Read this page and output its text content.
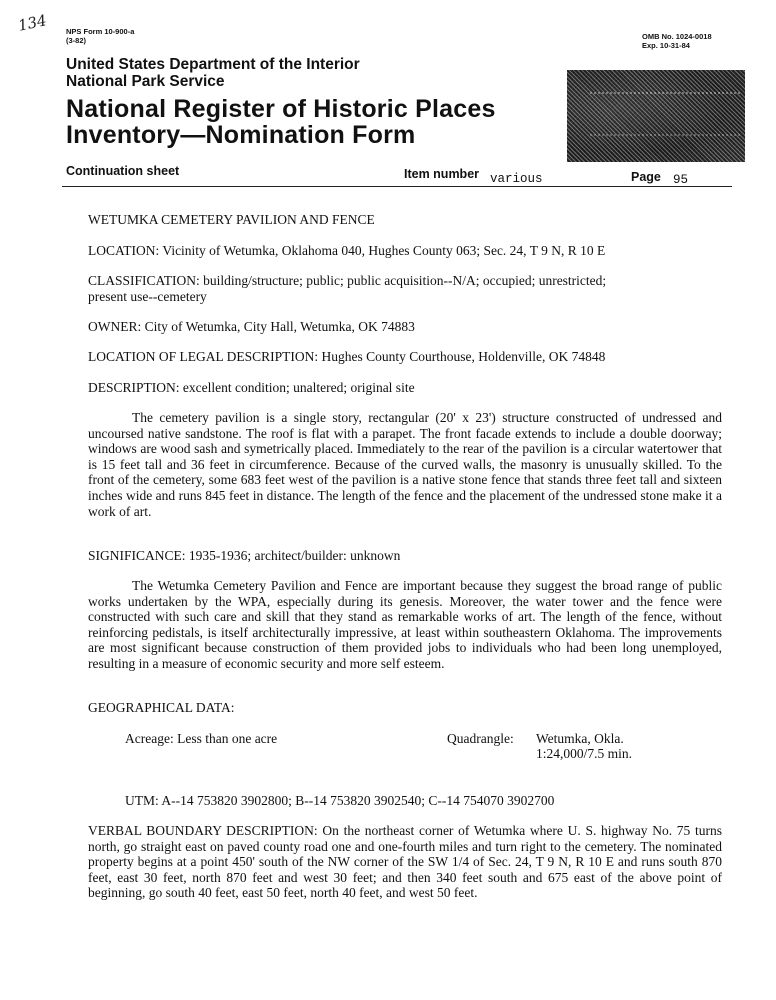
134 NPS Form 10-900-a
(3-82)	OMB No. 1024-0018
Exp. 10-31-84
United States Department of the Interior
National Park Service
National Register of Historic Places
Inventory—Nomination Form
Continuation sheet	Item number various	Page 95
WETUMKA CEMETERY PAVILION AND FENCE
LOCATION: Vicinity of Wetumka, Oklahoma 040, Hughes County 063; Sec. 24, T 9 N, R 10 E
CLASSIFICATION: building/structure; public; public acquisition--N/A; occupied; unrestricted;
present use--cemetery
OWNER: City of Wetumka, City Hall, Wetumka, OK 74883
LOCATION OF LEGAL DESCRIPTION: Hughes County Courthouse, Holdenville, OK 74848
DESCRIPTION: excellent condition; unaltered; original site

The cemetery pavilion is a single story, rectangular (20' x 23') structure constructed of undressed and uncoursed native sandstone. The roof is flat with a parapet. The front facade extends to include a double doorway; windows are wood sash and symetrically placed. Immediately to the rear of the pavilion is a circular watertower that is 15 feet tall and 36 feet in circumference. Because of the curved walls, the masonry is unusually skilled. To the front of the cemetery, some 683 feet west of the pavilion is a native stone fence that stands three feet tall and sixteen inches wide and runs 845 feet in distance. The length of the fence and the placement of the undressed stone make it a work of art.

SIGNIFICANCE: 1935-1936; architect/builder: unknown

The Wetumka Cemetery Pavilion and Fence are important because they suggest the broad range of public works undertaken by the WPA, especially during its genesis. Moreover, the water tower and the fence were constructed with such care and skill that they stand as remarkable works of art. The length of the fence, without reinforcing pedistals, is itself architecturally impressive, at least within southeastern Oklahoma. The improvements are most significant because construction of them provided jobs to individuals who had been long unemployed, resulting in a measure of economic security and more self esteem.

GEOGRAPHICAL DATA:
Acreage: Less than one acre	Quadrangle: Wetumka, Okla.
1:24,000/7.5 min.
UTM: A--14 753820 3902800; B--14 753820 3902540; C--14 754070 3902700

VERBAL BOUNDARY DESCRIPTION: On the northeast corner of Wetumka where U. S. highway No. 75 turns north, go straight east on paved county road one and one-fourth miles and turn right to the cemetery. The nominated property begins at a point 450' south of the NW corner of the SW 1/4 of Sec. 24, T 9 N, R 10 E and runs south 870 feet, east 30 feet, north 870 feet and west 30 feet; and then 340 feet south and 675 east of the above point of beginning, go south 40 feet, east 50 feet, north 40 feet, and west 50 feet.
